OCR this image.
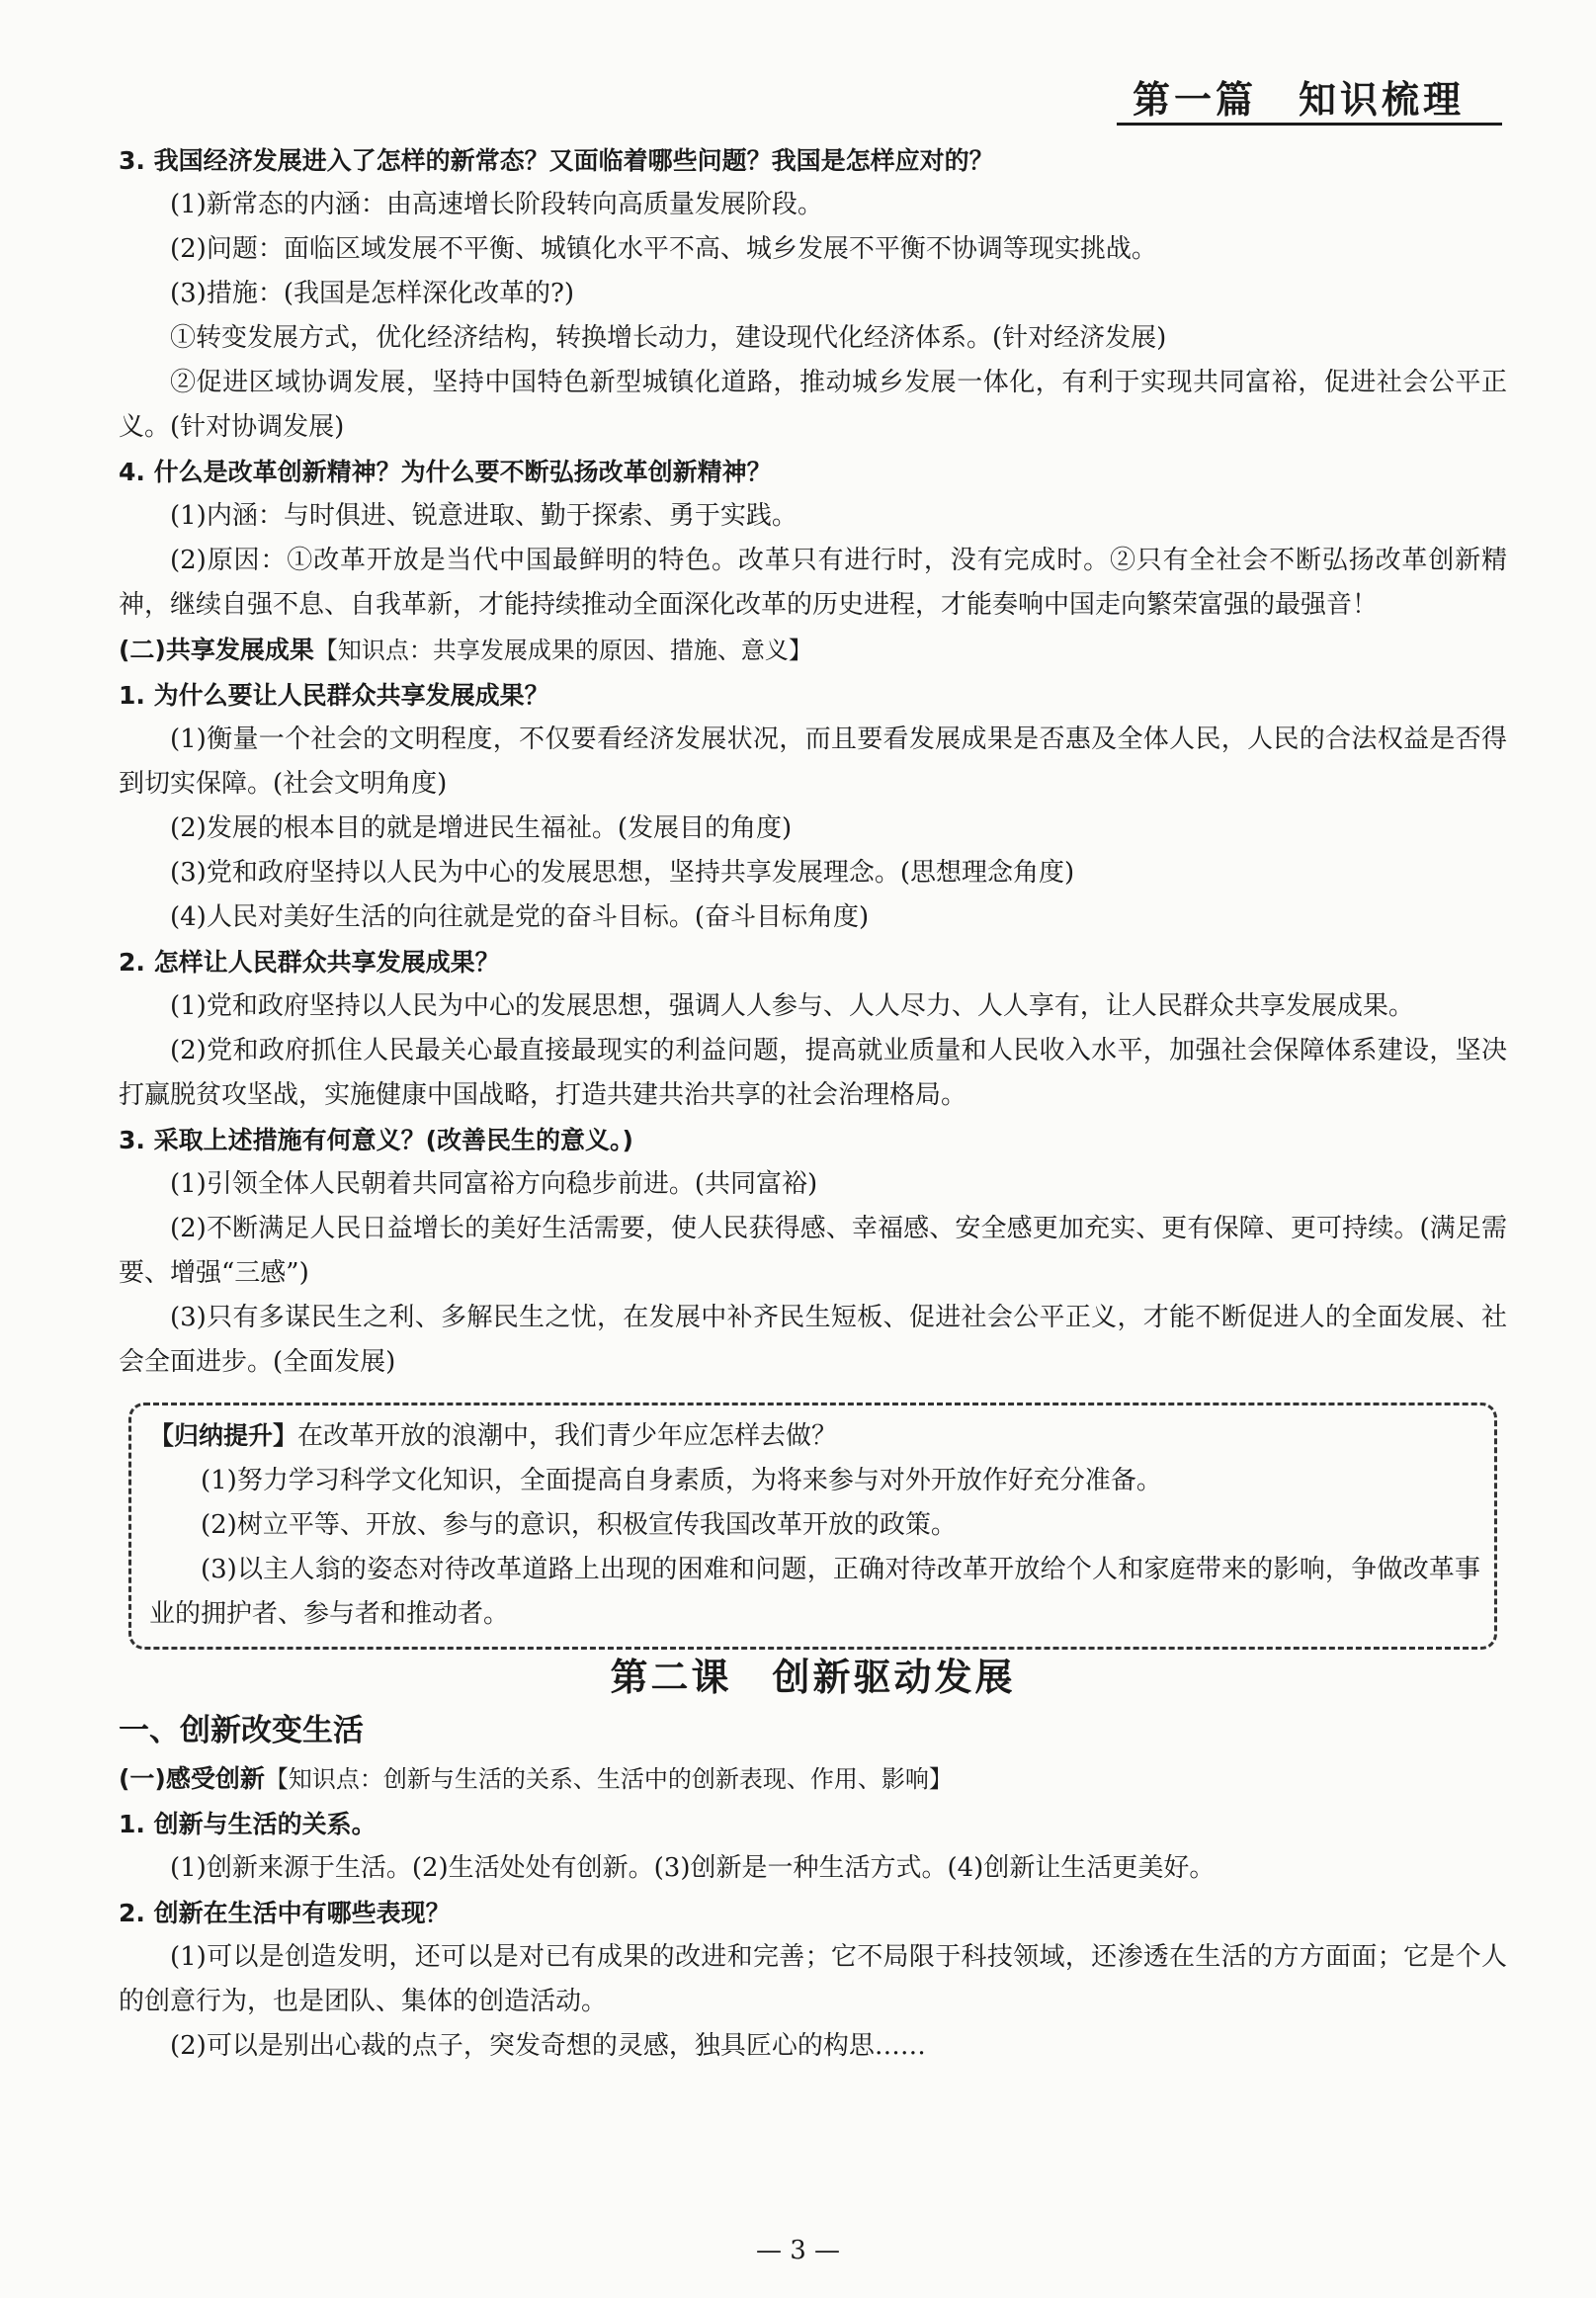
第一篇　知识梳理

3. 我国经济发展进入了怎样的新常态？又面临着哪些问题？我国是怎样应对的？

(1)新常态的内涵：由高速增长阶段转向高质量发展阶段。

(2)问题：面临区域发展不平衡、城镇化水平不高、城乡发展不平衡不协调等现实挑战。

(3)措施：(我国是怎样深化改革的?)

①转变发展方式，优化经济结构，转换增长动力，建设现代化经济体系。(针对经济发展)

②促进区域协调发展，坚持中国特色新型城镇化道路，推动城乡发展一体化，有利于实现共同富裕，促进社会公平正义。(针对协调发展)

4. 什么是改革创新精神？为什么要不断弘扬改革创新精神？

(1)内涵：与时俱进、锐意进取、勤于探索、勇于实践。

(2)原因：①改革开放是当代中国最鲜明的特色。改革只有进行时，没有完成时。②只有全社会不断弘扬改革创新精神，继续自强不息、自我革新，才能持续推动全面深化改革的历史进程，才能奏响中国走向繁荣富强的最强音！

(二)共享发展成果【知识点：共享发展成果的原因、措施、意义】

1. 为什么要让人民群众共享发展成果？

(1)衡量一个社会的文明程度，不仅要看经济发展状况，而且要看发展成果是否惠及全体人民，人民的合法权益是否得到切实保障。(社会文明角度)

(2)发展的根本目的就是增进民生福祉。(发展目的角度)

(3)党和政府坚持以人民为中心的发展思想，坚持共享发展理念。(思想理念角度)

(4)人民对美好生活的向往就是党的奋斗目标。(奋斗目标角度)

2. 怎样让人民群众共享发展成果？

(1)党和政府坚持以人民为中心的发展思想，强调人人参与、人人尽力、人人享有，让人民群众共享发展成果。

(2)党和政府抓住人民最关心最直接最现实的利益问题，提高就业质量和人民收入水平，加强社会保障体系建设，坚决打赢脱贫攻坚战，实施健康中国战略，打造共建共治共享的社会治理格局。

3. 采取上述措施有何意义？(改善民生的意义。)

(1)引领全体人民朝着共同富裕方向稳步前进。(共同富裕)

(2)不断满足人民日益增长的美好生活需要，使人民获得感、幸福感、安全感更加充实、更有保障、更可持续。(满足需要、增强“三感”)

(3)只有多谋民生之利、多解民生之忧，在发展中补齐民生短板、促进社会公平正义，才能不断促进人的全面发展、社会全面进步。(全面发展)

【归纳提升】在改革开放的浪潮中，我们青少年应怎样去做？

(1)努力学习科学文化知识，全面提高自身素质，为将来参与对外开放作好充分准备。

(2)树立平等、开放、参与的意识，积极宣传我国改革开放的政策。

(3)以主人翁的姿态对待改革道路上出现的困难和问题，正确对待改革开放给个人和家庭带来的影响，争做改革事业的拥护者、参与者和推动者。

第二课　创新驱动发展

一、创新改变生活

(一)感受创新【知识点：创新与生活的关系、生活中的创新表现、作用、影响】

1. 创新与生活的关系。

(1)创新来源于生活。(2)生活处处有创新。(3)创新是一种生活方式。(4)创新让生活更美好。

2. 创新在生活中有哪些表现？

(1)可以是创造发明，还可以是对已有成果的改进和完善；它不局限于科技领域，还渗透在生活的方方面面；它是个人的创意行为，也是团队、集体的创造活动。

(2)可以是别出心裁的点子，突发奇想的灵感，独具匠心的构思……

— 3 —
